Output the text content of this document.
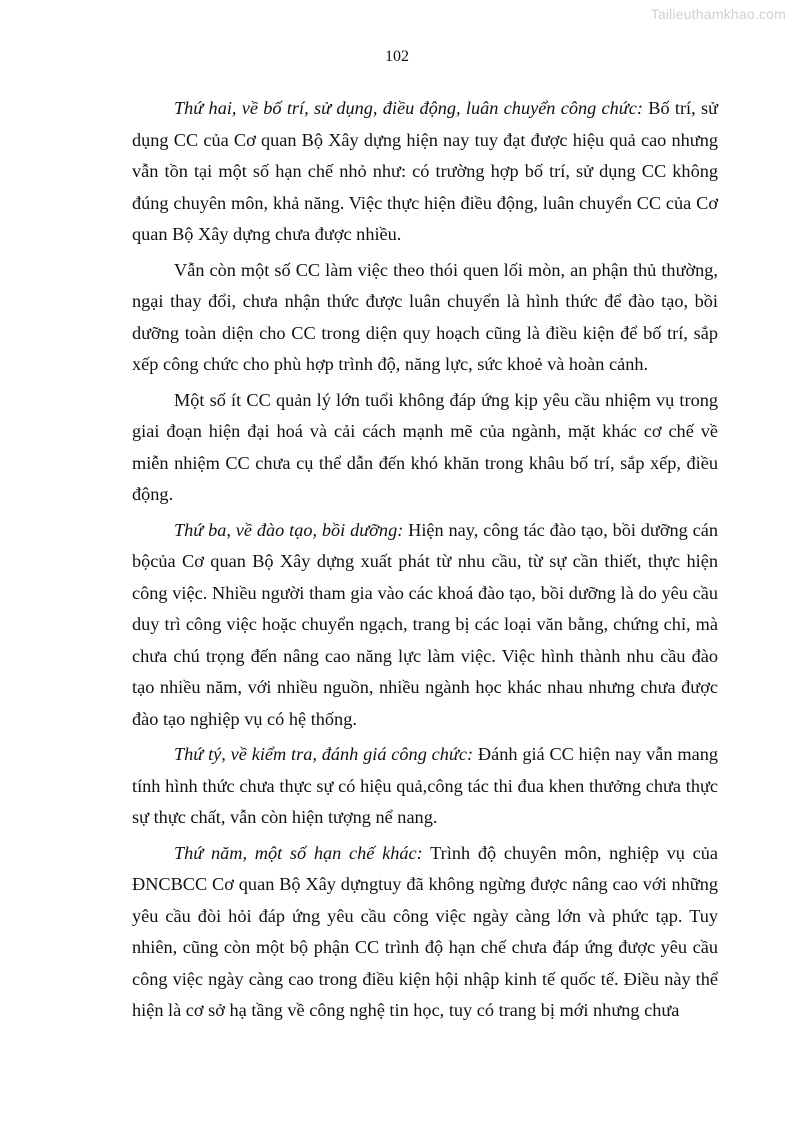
Tailieuthamkhao.com
102

Thứ hai, về bố trí, sử dụng, điều động, luân chuyển công chức: Bố trí, sử dụng CC của Cơ quan Bộ Xây dựng hiện nay tuy đạt được hiệu quả cao nhưng vẫn tồn tại một số hạn chế nhỏ như: có trường hợp bố trí, sử dụng CC không đúng chuyên môn, khả năng. Việc thực hiện điều động, luân chuyển CC của Cơ quan Bộ Xây dựng chưa được nhiều.

Vẫn còn một số CC làm việc theo thói quen lối mòn, an phận thủ thường, ngại thay đổi, chưa nhận thức được luân chuyển là hình thức để đào tạo, bồi dưỡng toàn diện cho CC trong diện quy hoạch cũng là điều kiện để bố trí, sắp xếp công chức cho phù hợp trình độ, năng lực, sức khoẻ và hoàn cảnh.

Một số ít CC quản lý lớn tuổi không đáp ứng kịp yêu cầu nhiệm vụ trong giai đoạn hiện đại hoá và cải cách mạnh mẽ của ngành, mặt khác cơ chế về miễn nhiệm CC chưa cụ thể dẫn đến khó khăn trong khâu bố trí, sắp xếp, điều động.

Thứ ba, về đào tạo, bồi dưỡng: Hiện nay, công tác đào tạo, bồi dưỡng cán bộcủa Cơ quan Bộ Xây dựng xuất phát từ nhu cầu, từ sự cần thiết, thực hiện công việc. Nhiều người tham gia vào các khoá đào tạo, bồi dưỡng là do yêu cầu duy trì công việc hoặc chuyển ngạch, trang bị các loại văn bằng, chứng chỉ, mà chưa chú trọng đến nâng cao năng lực làm việc. Việc hình thành nhu cầu đào tạo nhiều năm, với nhiều nguồn, nhiều ngành học khác nhau nhưng chưa được đào tạo nghiệp vụ có hệ thống.

Thứ tý, về kiểm tra, đánh giá công chức: Đánh giá CC hiện nay vẫn mang tính hình thức chưa thực sự có hiệu quả,công tác thi đua khen thưởng chưa thực sự thực chất, vẫn còn hiện tượng nể nang.

Thứ năm, một số hạn chế khác: Trình độ chuyên môn, nghiệp vụ của ĐNCBCC Cơ quan Bộ Xây dựngtuy đã không ngừng được nâng cao với những yêu cầu đòi hỏi đáp ứng yêu cầu công việc ngày càng lớn và phức tạp. Tuy nhiên, cũng còn một bộ phận CC trình độ hạn chế chưa đáp ứng được yêu cầu công việc ngày càng cao trong điều kiện hội nhập kinh tế quốc tế. Điều này thể hiện là cơ sở hạ tầng về công nghệ tin học, tuy có trang bị mới nhưng chưa
